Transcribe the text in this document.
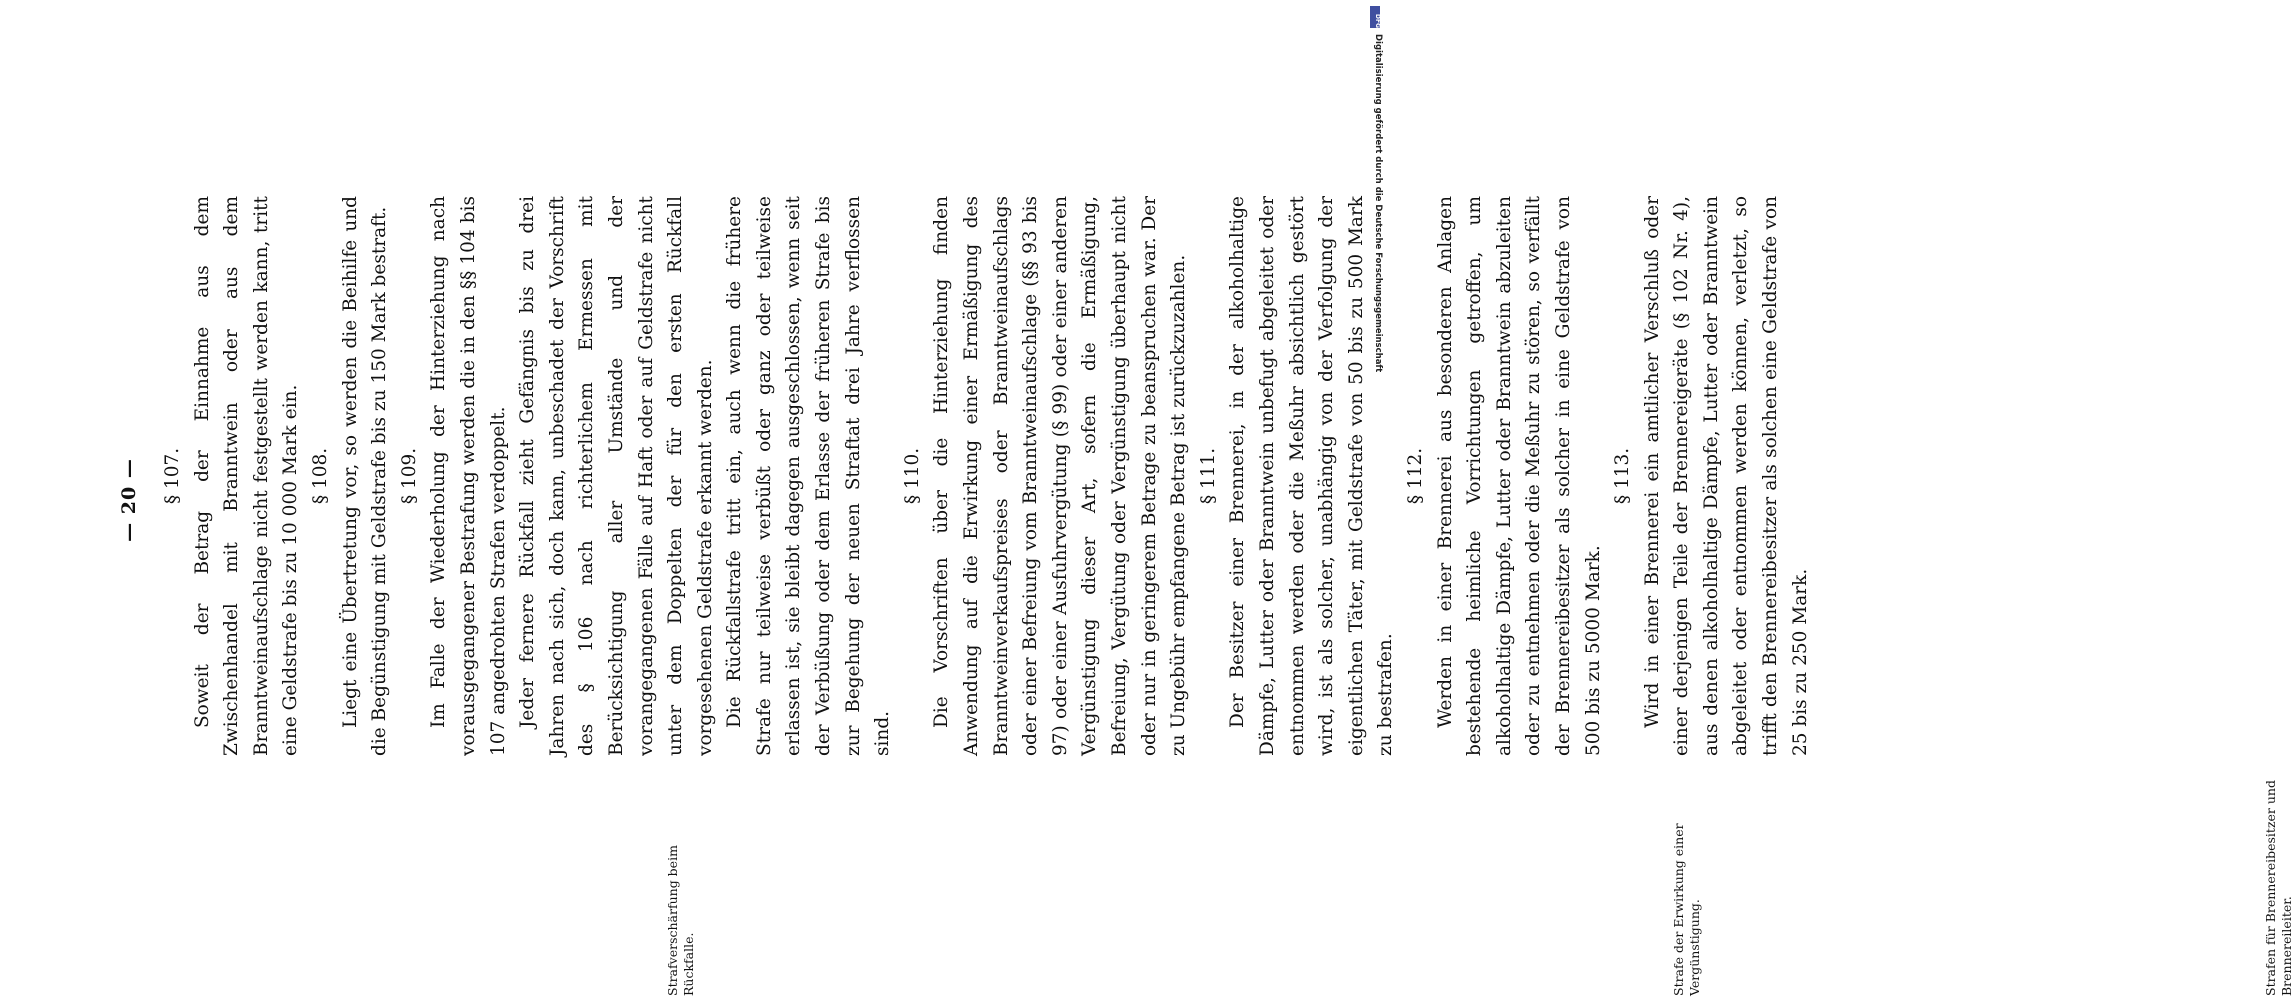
— 20 — § 107. Soweit der Betrag der Einnahme aus dem Zwischenhandel mit Branntwein oder aus dem Branntweinaufschlage nicht festgestellt werden kann, tritt eine Geldstrafe bis zu 10 000 Mark ein. § 108. Liegt eine Übertretung vor, so werden die Beihilfe und die Begünstigung mit Geldstrafe bis zu 150 Mark bestraft. § 109. Im Falle der Wiederholung der Hinterziehung nach vorausgegangener Bestrafung werden die in den §§ 104 bis 107 angedrohten Strafen verdoppelt. Jeder fernere Rückfall zieht Gefängnis bis zu drei Jahren nach sich, doch kann, unbeschadet der Vorschrift des § 106 nach richterlichem Ermessen mit Berücksichtigung aller Umstände und der vorangegangenen Fälle auf Haft oder auf Geldstrafe nicht unter dem Doppelten der für den ersten Rückfall vorgesehenen Geldstrafe erkannt werden. Die Rückfallstrafe tritt ein, auch wenn die frühere Strafe nur teilweise verbüßt oder ganz oder teilweise erlassen ist, sie bleibt dagegen ausgeschlossen, wenn seit der Verbüßung oder dem Erlasse der früheren Strafe bis zur Begehung der neuen Straftat drei Jahre verflossen sind.

§ 110. Die Vorschriften über die Hinterziehung finden Anwendung auf die Erwirkung einer Ermäßigung des Branntweinverkaufspreises oder Branntweinaufschlags oder einer Befreiung vom Branntweinaufschlage (§§ 93 bis 97) oder einer Ausfuhrvergütung (§ 99) oder einer anderen Vergünstigung dieser Art, sofern die Ermäßigung, Befreiung, Vergütung oder Vergünstigung überhaupt nicht oder nur in geringerem Betrage zu beanspruchen war. Der zu Ungebühr empfangene Betrag ist zurückzuzahlen. § 111. Der Besitzer einer Brennerei, in der alkoholhaltige Dämpfe, Lutter oder Branntwein unbefugt abgeleitet oder entnommen werden oder die Meßuhr absichtlich gestört wird, ist als solcher, unabhängig von der Verfolgung der eigentlichen Täter, mit Geldstrafe von 50 bis zu 500 Mark zu bestrafen.

§ 112. Werden in einer Brennerei aus besonderen Anlagen bestehende heimliche Vorrichtungen getroffen, um alkoholhaltige Dämpfe, Lutter oder Branntwein abzuleiten oder zu entnehmen oder die Meßuhr zu stören, so verfällt der Brennereibesitzer als solcher in eine Geldstrafe von 500 bis zu 5000 Mark.

§ 113. Wird in einer Brennerei ein amtlicher Verschluß oder einer derjenigen Teile der Brennereigeräte (§ 102 Nr. 4), aus denen alkoholhaltige Dämpfe, Lutter oder Branntwein abgeleitet oder entnommen werden können, verletzt, so trifft den Brennereibesitzer als solchen eine Geldstrafe von 25 bis zu 250 Mark.

Strafverschärfung beim Rückfalle.	Strafe der Erwirkung einer Vergünstigung.	Strafen für Brennereibesitzer und Brennereileiter.
DFG
Digitalisierung gefördert durch die Deutsche Forschungsgemeinschaft
